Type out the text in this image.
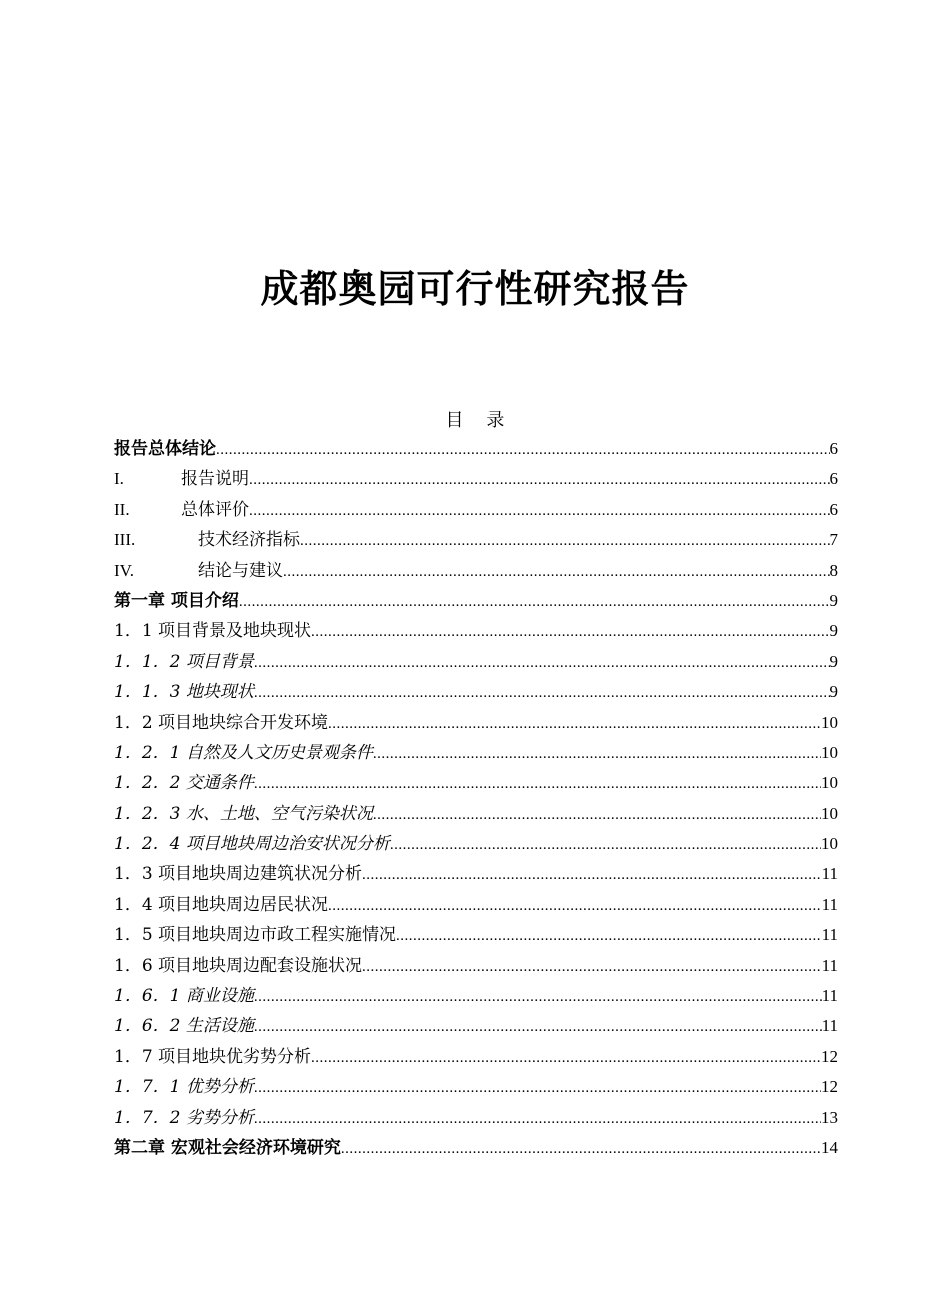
成都奥园可行性研究报告
目    录
报告总体结论 .....	6
I.	报告说明 .....	6
II.	总体评价 .....	6
III.	技术经济指标 .....	7
IV.	结论与建议 .....	8
第一章 项目介绍 .....	9
1．1 项目背景及地块现状 .....	9
1．1．2 项目背景 .....	9
1．1．3 地块现状 .....	9
1．2 项目地块综合开发环境 .....	10
1．2．1 自然及人文历史景观条件 .....	10
1．2．2 交通条件 .....	10
1．2．3 水、土地、空气污染状况 .....	10
1．2．4 项目地块周边治安状况分析 .....	10
1．3 项目地块周边建筑状况分析 .....	11
1．4 项目地块周边居民状况 .....	11
1．5 项目地块周边市政工程实施情况 .....	11
1．6 项目地块周边配套设施状况 .....	11
1．6．1 商业设施 .....	11
1．6．2 生活设施 .....	11
1．7 项目地块优劣势分析 .....	12
1．7．1 优势分析 .....	12
1．7．2 劣势分析 .....	13
第二章 宏观社会经济环境研究 .....	14
